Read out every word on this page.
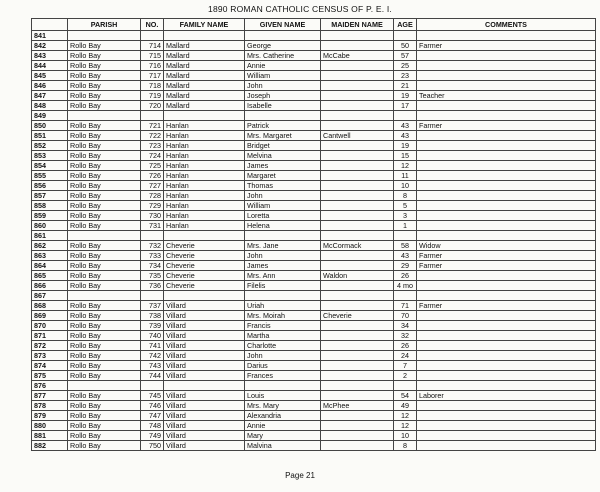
1890 ROMAN CATHOLIC CENSUS OF P. E. I.
	PARISH	NO.	FAMILY NAME	GIVEN NAME	MAIDEN NAME	AGE	COMMENTS
841							
842	Rollo Bay	714	Mallard	George		50	Farmer
843	Rollo Bay	715	Mallard	Mrs. Catherine	McCabe	57	
844	Rollo Bay	716	Mallard	Annie		25	
845	Rollo Bay	717	Mallard	William		23	
846	Rollo Bay	718	Mallard	John		21	
847	Rollo Bay	719	Mallard	Joseph		19	Teacher
848	Rollo Bay	720	Mallard	Isabelle		17	
849							
850	Rollo Bay	721	Hanlan	Patrick		43	Farmer
851	Rollo Bay	722	Hanlan	Mrs. Margaret	Cantwell	43	
852	Rollo Bay	723	Hanlan	Bridget		19	
853	Rollo Bay	724	Hanlan	Melvina		15	
854	Rollo Bay	725	Hanlan	James		12	
855	Rollo Bay	726	Hanlan	Margaret		11	
856	Rollo Bay	727	Hanlan	Thomas		10	
857	Rollo Bay	728	Hanlan	John		8	
858	Rollo Bay	729	Hanlan	William		5	
859	Rollo Bay	730	Hanlan	Loretta		3	
860	Rollo Bay	731	Hanlan	Helena		1	
861							
862	Rollo Bay	732	Cheverie	Mrs. Jane	McCormack	58	Widow
863	Rollo Bay	733	Cheverie	John		43	Farmer
864	Rollo Bay	734	Cheverie	James		29	Farmer
865	Rollo Bay	735	Cheverie	Mrs. Ann	Waldon	26	
866	Rollo Bay	736	Cheverie	Filelis		4 mo	
867							
868	Rollo Bay	737	Villard	Uriah		71	Farmer
869	Rollo Bay	738	Villard	Mrs. Moirah	Cheverie	70	
870	Rollo Bay	739	Villard	Francis		34	
871	Rollo Bay	740	Villard	Martha		32	
872	Rollo Bay	741	Villard	Charlotte		26	
873	Rollo Bay	742	Villard	John		24	
874	Rollo Bay	743	Villard	Darius		7	
875	Rollo Bay	744	Villard	Frances		2	
876							
877	Rollo Bay	745	Villard	Louis		54	Laborer
878	Rollo Bay	746	Villard	Mrs. Mary	McPhee	49	
879	Rollo Bay	747	Villard	Alexandria		12	
880	Rollo Bay	748	Villard	Annie		12	
881	Rollo Bay	749	Villard	Mary		10	
882	Rollo Bay	750	Villard	Malvina		8	
Page 21
